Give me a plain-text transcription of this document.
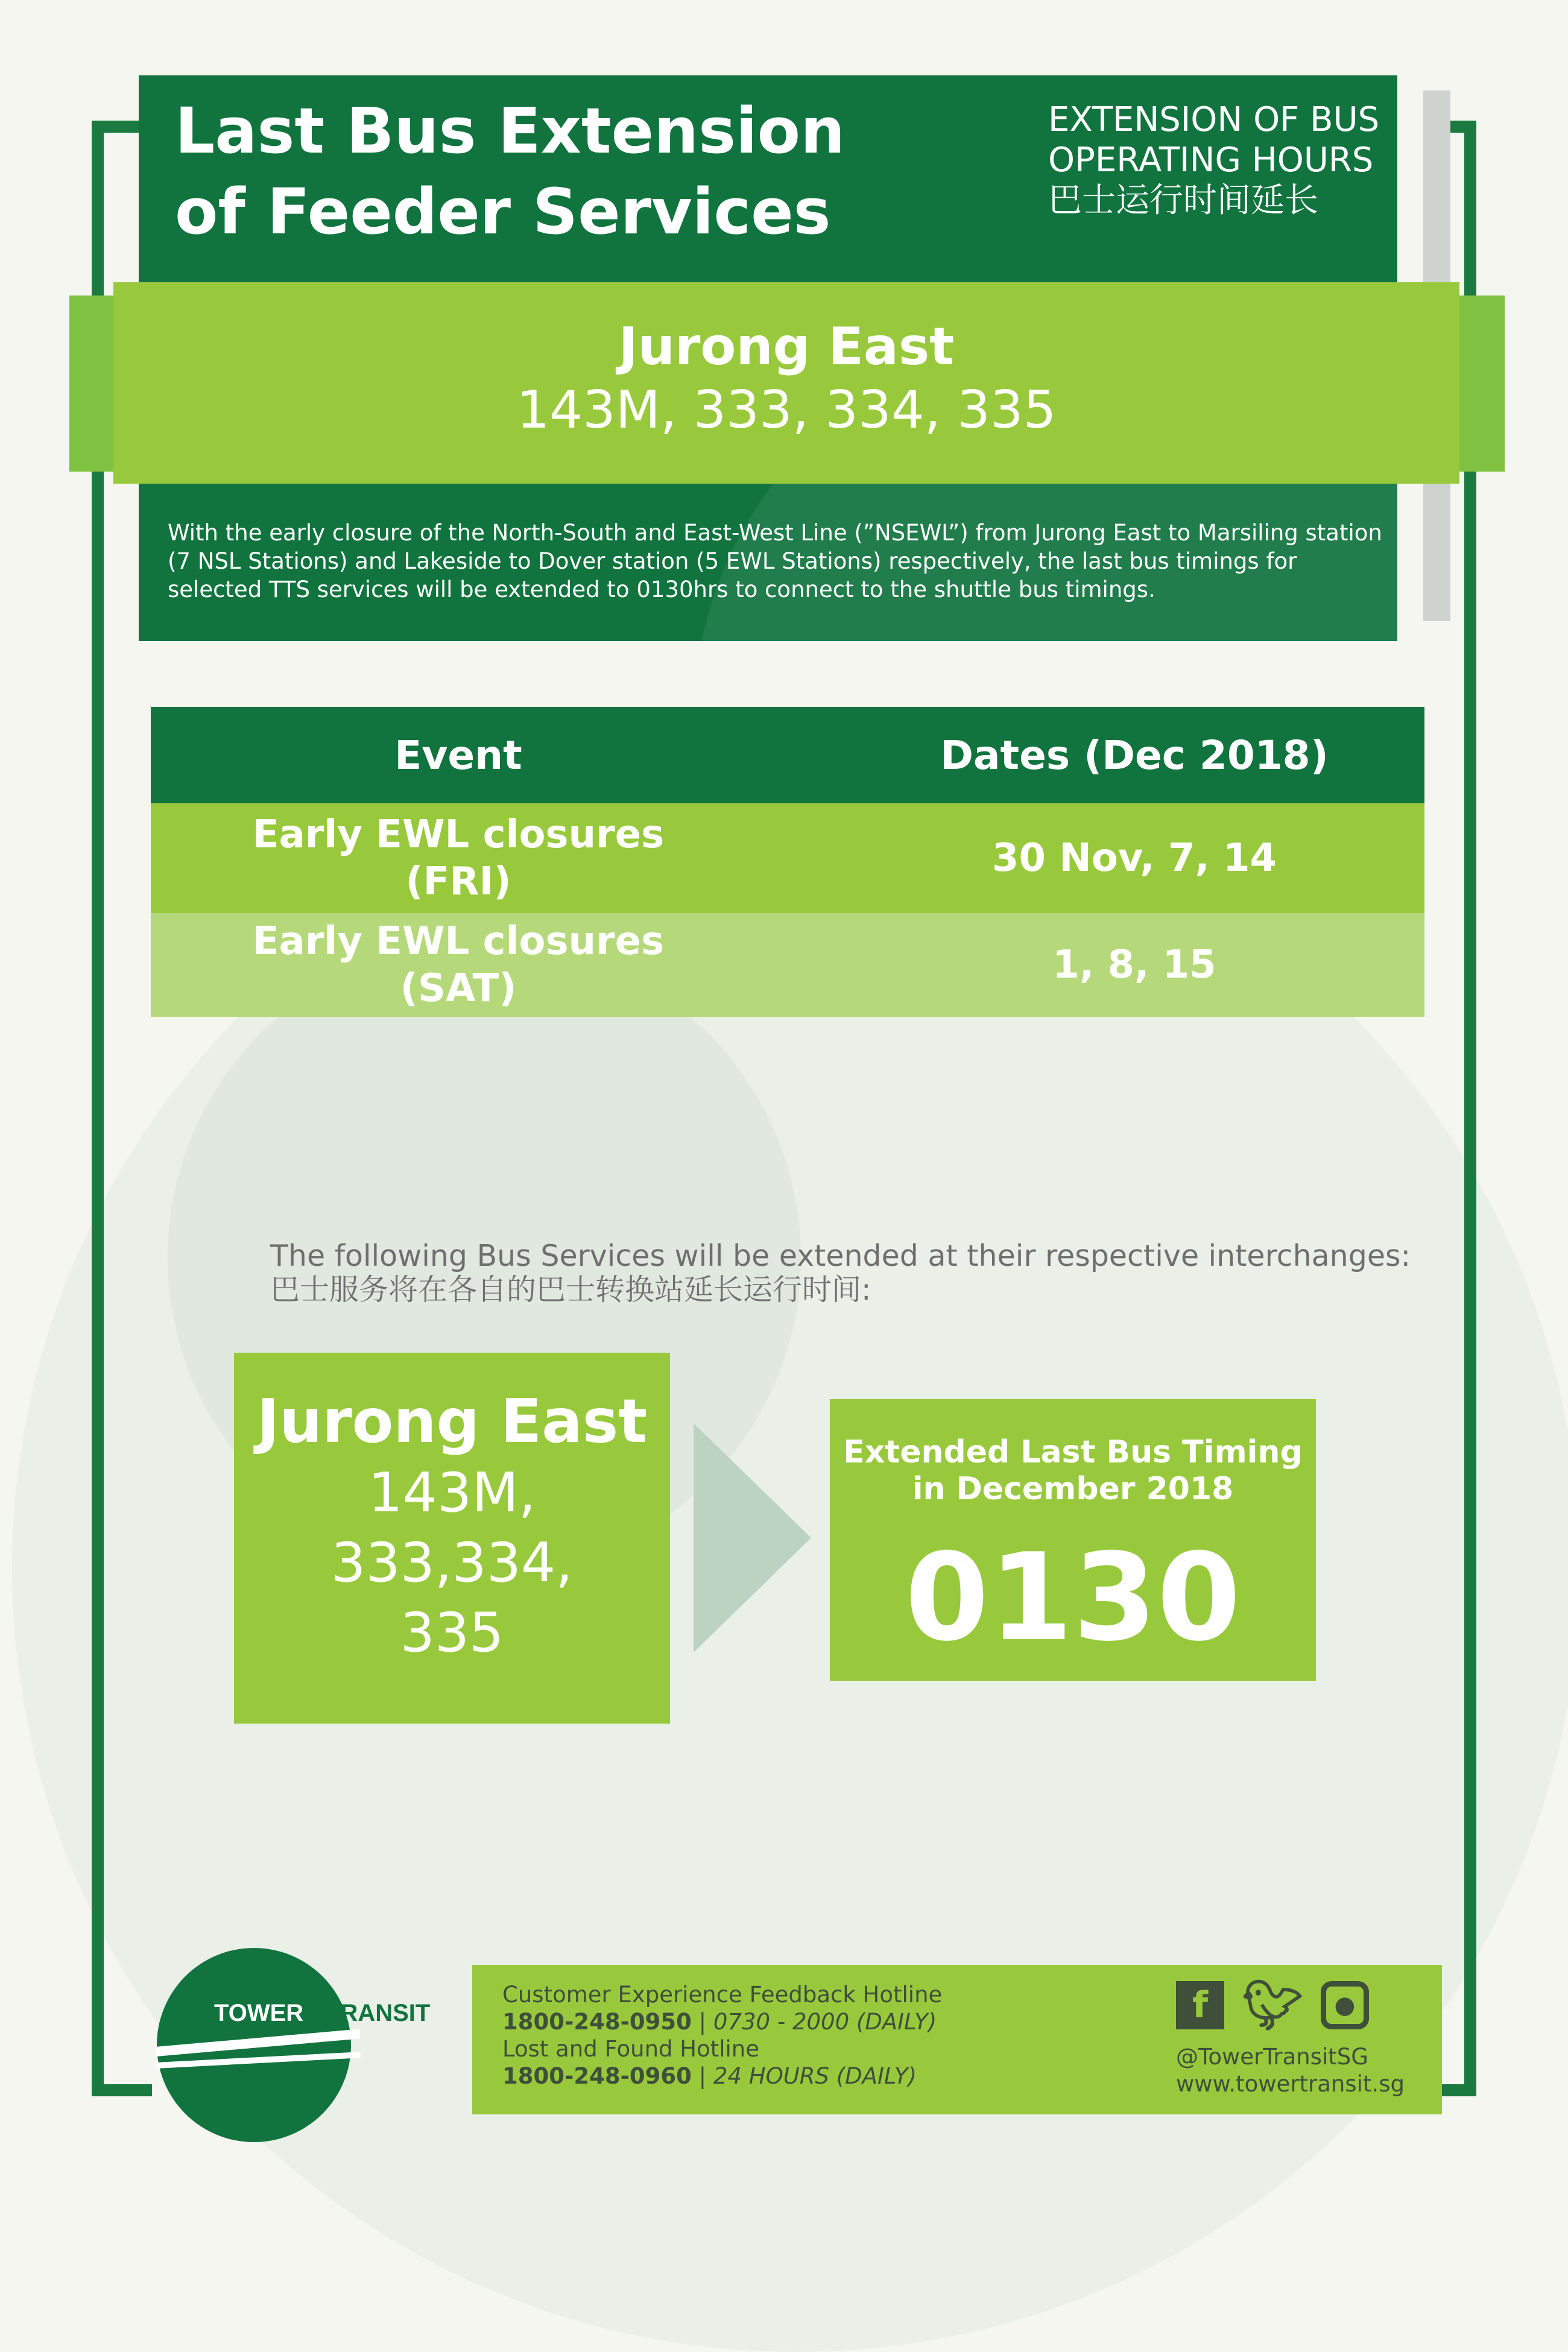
Last Bus Extension
of Feeder Services
EXTENSION OF BUS
OPERATING HOURS
巴士运行时间延长
Jurong East
143M, 333, 334, 335
With the early closure of the North-South and East-West Line (”NSEWL”) from Jurong East to Marsiling station (7 NSL Stations) and Lakeside to Dover station (5 EWL Stations) respectively, the last bus timings for selected TTS services will be extended to 0130hrs to connect to the shuttle bus timings.
Event	Dates (Dec 2018)
Early EWL closures
(FRI)
30 Nov, 7, 14
Early EWL closures
(SAT)
1, 8, 15
The following Bus Services will be extended at their respective interchanges:
巴士服务将在各自的巴士转换站延长运行时间:
Jurong East
143M,
333,334,
335
Extended Last Bus Timing
in December 2018
0130
TOWER TRANSIT
Customer Experience Feedback Hotline
1800-248-0950 | 0730 - 2000 (DAILY)
Lost and Found Hotline
1800-248-0960 | 24 HOURS (DAILY)
f 🐦︎	●
@TowerTransitSG
www.towertransit.sg
